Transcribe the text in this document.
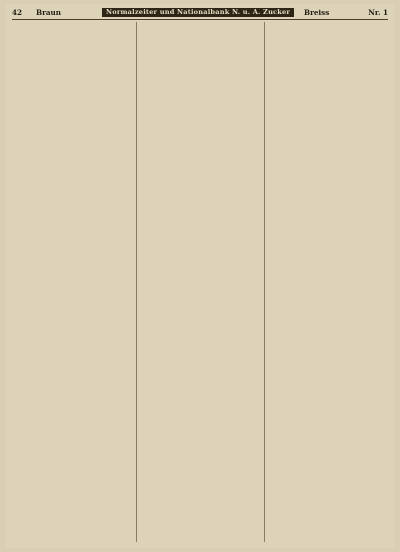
42 Braun	Normalzeiter und Nationalbank N. u. A. Zucker	Breiss	Nr. 1
